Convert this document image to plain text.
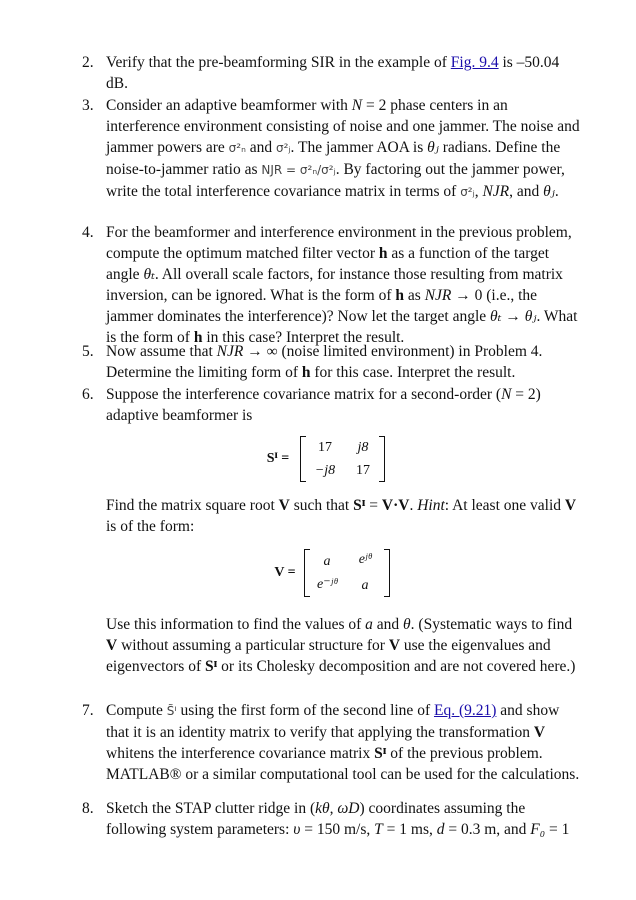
2. Verify that the pre-beamforming SIR in the example of Fig. 9.4 is –50.04 dB.
3. Consider an adaptive beamformer with N = 2 phase centers in an interference environment consisting of noise and one jammer. The noise and jammer powers are σ²ₙ and σ²ⱼ. The jammer AOA is θⱼ radians. Define the noise-to-jammer ratio as NJR = σ²ₙ/σ²ⱼ. By factoring out the jammer power, write the total interference covariance matrix in terms of σ²ⱼ, NJR, and θⱼ.
4. For the beamformer and interference environment in the previous problem, compute the optimum matched filter vector h as a function of the target angle θₜ. All overall scale factors, for instance those resulting from matrix inversion, can be ignored. What is the form of h as NJR → 0 (i.e., the jammer dominates the interference)? Now let the target angle θₜ → θⱼ. What is the form of h in this case? Interpret the result.
5. Now assume that NJR → ∞ (noise limited environment) in Problem 4. Determine the limiting form of h for this case. Interpret the result.
6. Suppose the interference covariance matrix for a second-order (N = 2) adaptive beamformer is
Sᴵ =
17	j8
−j8	17
Find the matrix square root V such that Sᴵ = V·V. Hint: At least one valid V is of the form:
V =
a	eʲᶿ
e⁻ʲᶿ	a
Use this information to find the values of a and θ. (Systematic ways to find V without assuming a particular structure for V use the eigenvalues and eigenvectors of Sᴵ or its Cholesky decomposition and are not covered here.)
7. Compute S̃ᴵ using the first form of the second line of Eq. (9.21) and show that it is an identity matrix to verify that applying the transformation V whitens the interference covariance matrix Sᴵ of the previous problem. MATLAB® or a similar computational tool can be used for the calculations.
8. Sketch the STAP clutter ridge in (kθ, ωD) coordinates assuming the following system parameters: υ = 150 m/s, T = 1 ms, d = 0.3 m, and F₀ = 1
